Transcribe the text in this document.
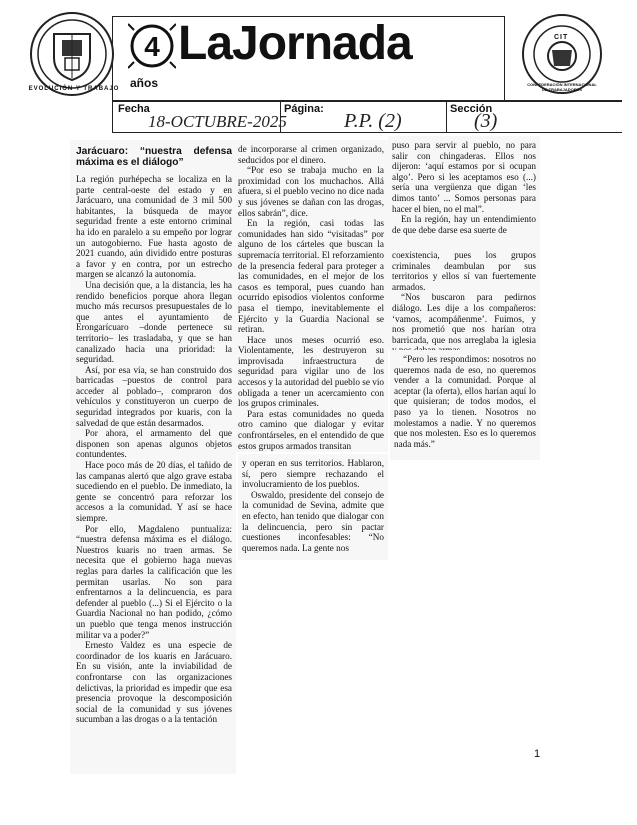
EVOLUCIÓN Y TRABAJO
4
años
LaJornada	CIT
CONFEDERACIÓN INTERNACIONAL DE TRABAJADORES
Fecha	Página:	Sección
18-OCTUBRE-2025	P.P. (2)	(3)
Jarácuaro: “nuestra defensa máxima es el diálogo”

La región purhépecha se localiza en la parte central-oeste del estado y en Jarácuaro, una comunidad de 3 mil 500 habitantes, la búsqueda de mayor seguridad frente a este entorno criminal ha ido en paralelo a su empeño por lograr un autogobierno. Fue hasta agosto de 2021 cuando, aún dividido entre posturas a favor y en contra, por un estrecho margen se alcanzó la autonomía.

Una decisión que, a la distancia, les ha rendido beneficios porque ahora llegan mucho más recursos presupuestales de lo que antes el ayuntamiento de Erongarícuaro –donde pertenece su territorio– les trasladaba, y que se han canalizado hacia una prioridad: la seguridad.

Así, por esa vía, se han construido dos barricadas –puestos de control para acceder al poblado–, compraron dos vehículos y constituyeron un cuerpo de seguridad integrados por kuaris, con la salvedad de que están desarmados.

Por ahora, el armamento del que disponen son apenas algunos objetos contundentes.

Hace poco más de 20 días, el tañido de las campanas alertó que algo grave estaba sucediendo en el pueblo. De inmediato, la gente se concentró para reforzar los accesos a la comunidad. Y así se hace siempre.

Por ello, Magdaleno puntualiza: “nuestra defensa máxima es el diálogo. Nuestros kuaris no traen armas. Se necesita que el gobierno haga nuevas reglas para darles la calificación que les permitan usarlas. No son para enfrentarnos a la delincuencia, es para defender al pueblo (...) Si el Ejército o la Guardia Nacional no han podido, ¿cómo un pueblo que tenga menos instrucción militar va a poder?”

Ernesto Valdez es una especie de coordinador de los kuaris en Jarácuaro. En su visión, ante la inviabilidad de confrontarse con las organizaciones delictivas, la prioridad es impedir que esa presencia provoque la descomposición social de la comunidad y sus jóvenes sucumban a las drogas o a la tentación

de incorporarse al crimen organizado, seducidos por el dinero.

“Por eso se trabaja mucho en la proximidad con los muchachos. Allá afuera, si el pueblo vecino no dice nada y sus jóvenes se dañan con las drogas, ellos sabrán”, dice.

En la región, casi todas las comunidades han sido “visitadas” por alguno de los cárteles que buscan la supremacía territorial. El reforzamiento de la presencia federal para proteger a las comunidades, en el mejor de los casos es temporal, pues cuando han ocurrido episodios violentos conforme pasa el tiempo, inevitablemente el Ejército y la Guardia Nacional se retiran.

Hace unos meses ocurrió eso. Violentamente, les destruyeron su improvisada infraestructura de seguridad para vigilar uno de los accesos y la autoridad del pueblo se vio obligada a tener un acercamiento con los grupos criminales.

Para estas comunidades no queda otro camino que dialogar y evitar confrontárseles, en el entendido de que estos grupos armados transitan

y operan en sus territorios. Hablaron, sí, pero siempre rechazando el involucramiento de los pueblos.

Oswaldo, presidente del consejo de la comunidad de Sevina, admite que en efecto, han tenido que dialogar con la delincuencia, pero sin pactar cuestiones inconfesables: “No queremos nada. La gente nos

puso para servir al pueblo, no para salir con chingaderas. Ellos nos dijeron: ‘aquí estamos por si ocupan algo’. Pero si les aceptamos eso (...) sería una vergüenza que digan ‘les dimos tanto’ ... Somos personas para hacer el bien, no el mal”.

En la región, hay un entendimiento de que debe darse esa suerte de

coexistencia, pues los grupos criminales deambulan por sus territorios y ellos sí van fuertemente armados.

“Nos buscaron para pedirnos diálogo. Les dije a los compañeros: ‘vamos, acompáñenme’. Fuimos, y nos prometió que nos harían otra barricada, que nos arreglaba la iglesia

“Pero les respondimos: nosotros no queremos nada de eso, no queremos vender a la comunidad. Porque al aceptar (la oferta), ellos harían aquí lo que quisieran; de todos modos, el paso ya lo tienen. Nosotros no molestamos a nadie. Y no queremos que nos molesten. Eso es lo queremos nada más.”

1
